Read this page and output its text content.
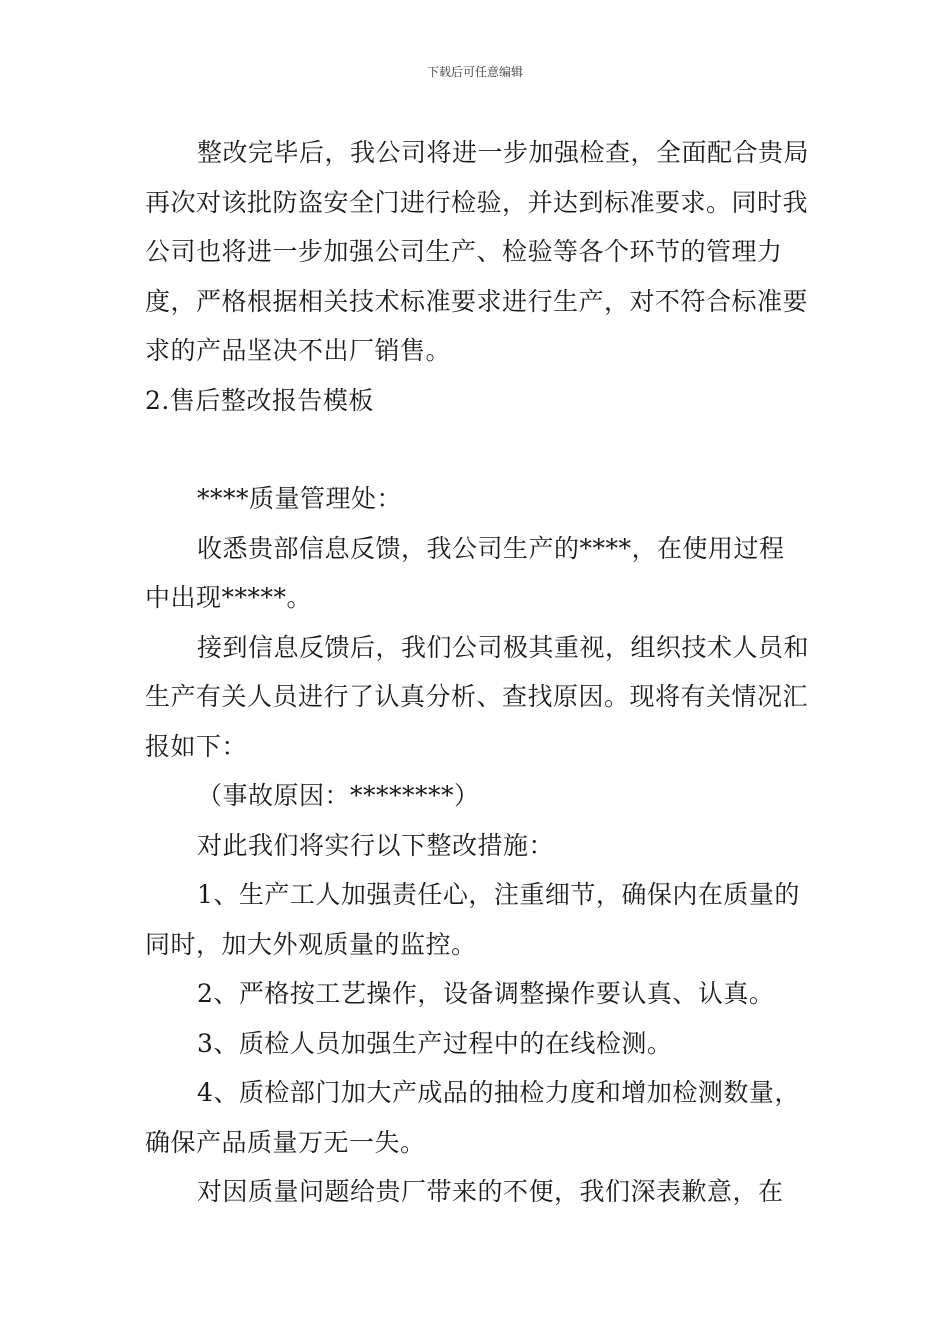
下载后可任意编辑

整改完毕后，我公司将进一步加强检查，全面配合贵局再次对该批防盗安全门进行检验，并达到标准要求。同时我公司也将进一步加强公司生产、检验等各个环节的管理力度，严格根据相关技术标准要求进行生产，对不符合标准要求的产品坚决不出厂销售。

2.售后整改报告模板

****质量管理处：

收悉贵部信息反馈，我公司生产的****，在使用过程中出现*****。

接到信息反馈后，我们公司极其重视，组织技术人员和生产有关人员进行了认真分析、查找原因。现将有关情况汇报如下：

（事故原因：********）

对此我们将实行以下整改措施：

1、生产工人加强责任心，注重细节，确保内在质量的同时，加大外观质量的监控。

2、严格按工艺操作，设备调整操作要认真、认真。

3、质检人员加强生产过程中的在线检测。

4、质检部门加大产成品的抽检力度和增加检测数量，确保产品质量万无一失。

对因质量问题给贵厂带来的不便，我们深表歉意，在
